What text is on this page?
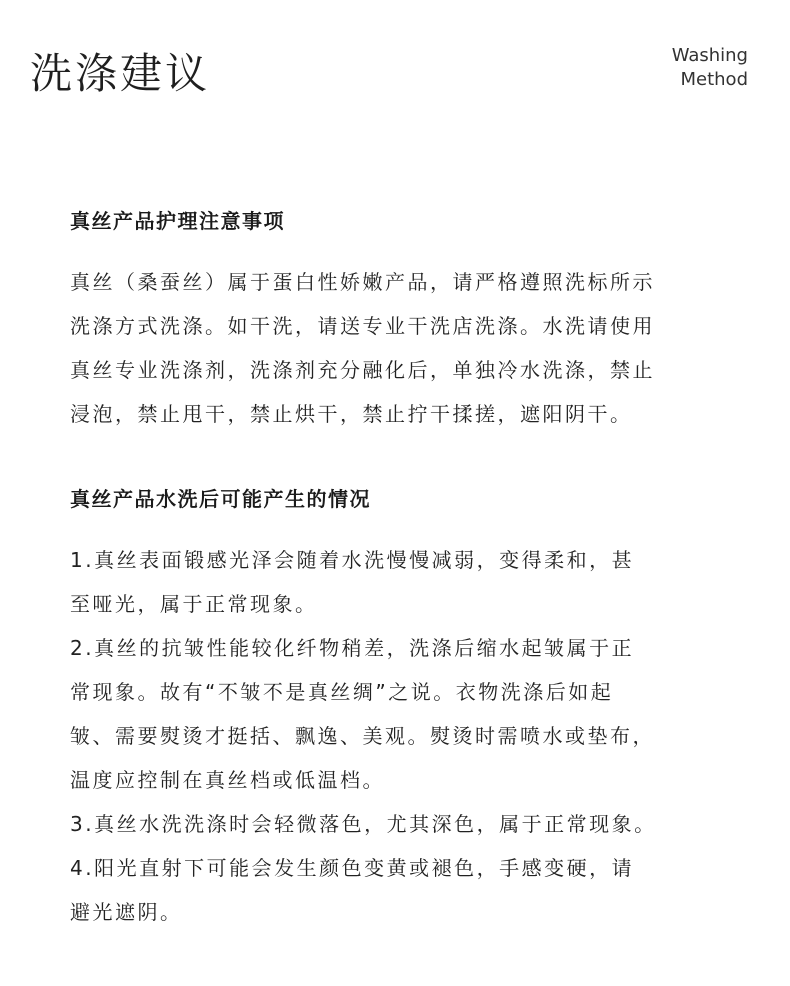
洗涤建议	Washing
Method
真丝产品护理注意事项
真丝（桑蚕丝）属于蛋白性娇嫩产品，请严格遵照洗标所示
洗涤方式洗涤。如干洗，请送专业干洗店洗涤。水洗请使用
真丝专业洗涤剂，洗涤剂充分融化后，单独冷水洗涤，禁止
浸泡，禁止甩干，禁止烘干，禁止拧干揉搓，遮阳阴干。
真丝产品水洗后可能产生的情况
1.真丝表面锻感光泽会随着水洗慢慢减弱，变得柔和，甚
至哑光，属于正常现象。
2.真丝的抗皱性能较化纤物稍差，洗涤后缩水起皱属于正
常现象。故有“不皱不是真丝绸”之说。衣物洗涤后如起
皱、需要熨烫才挺括、飘逸、美观。熨烫时需喷水或垫布，
温度应控制在真丝档或低温档。
3.真丝水洗洗涤时会轻微落色，尤其深色，属于正常现象。
4.阳光直射下可能会发生颜色变黄或褪色，手感变硬，请
避光遮阴。
